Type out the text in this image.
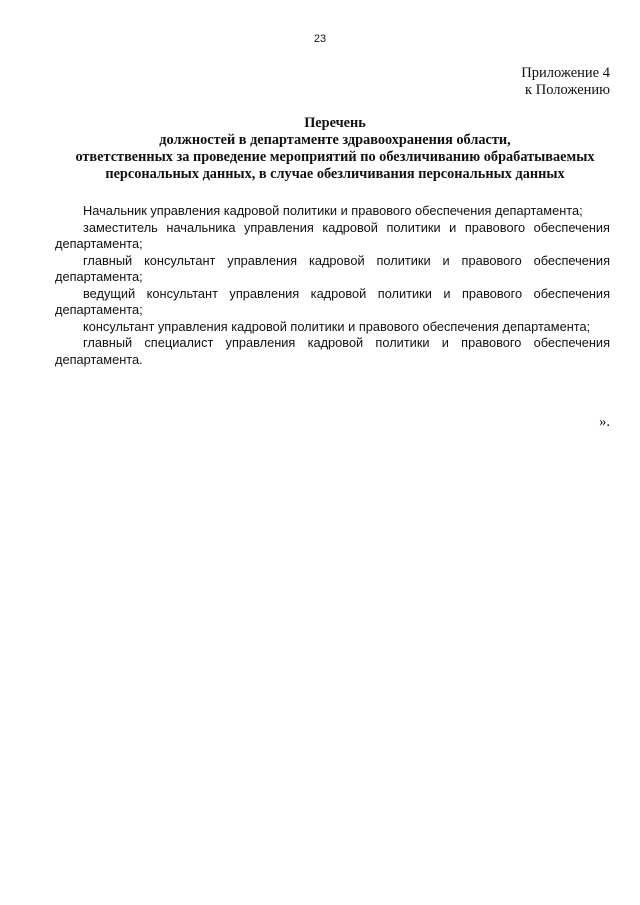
23
Приложение 4
к Положению
Перечень
должностей в департаменте здравоохранения области,
ответственных за проведение мероприятий по обезличиванию обрабатываемых
персональных данных, в случае обезличивания персональных данных

Начальник управления кадровой политики и правового обеспечения департамента;

заместитель начальника управления кадровой политики и правового обеспечения департамента;

главный консультант управления кадровой политики и правового обеспечения департамента;

ведущий консультант управления кадровой политики и правового обеспечения департамента;

консультант управления кадровой политики и правового обеспечения департамента;

главный специалист управления кадровой политики и правового обеспечения департамента.

».
